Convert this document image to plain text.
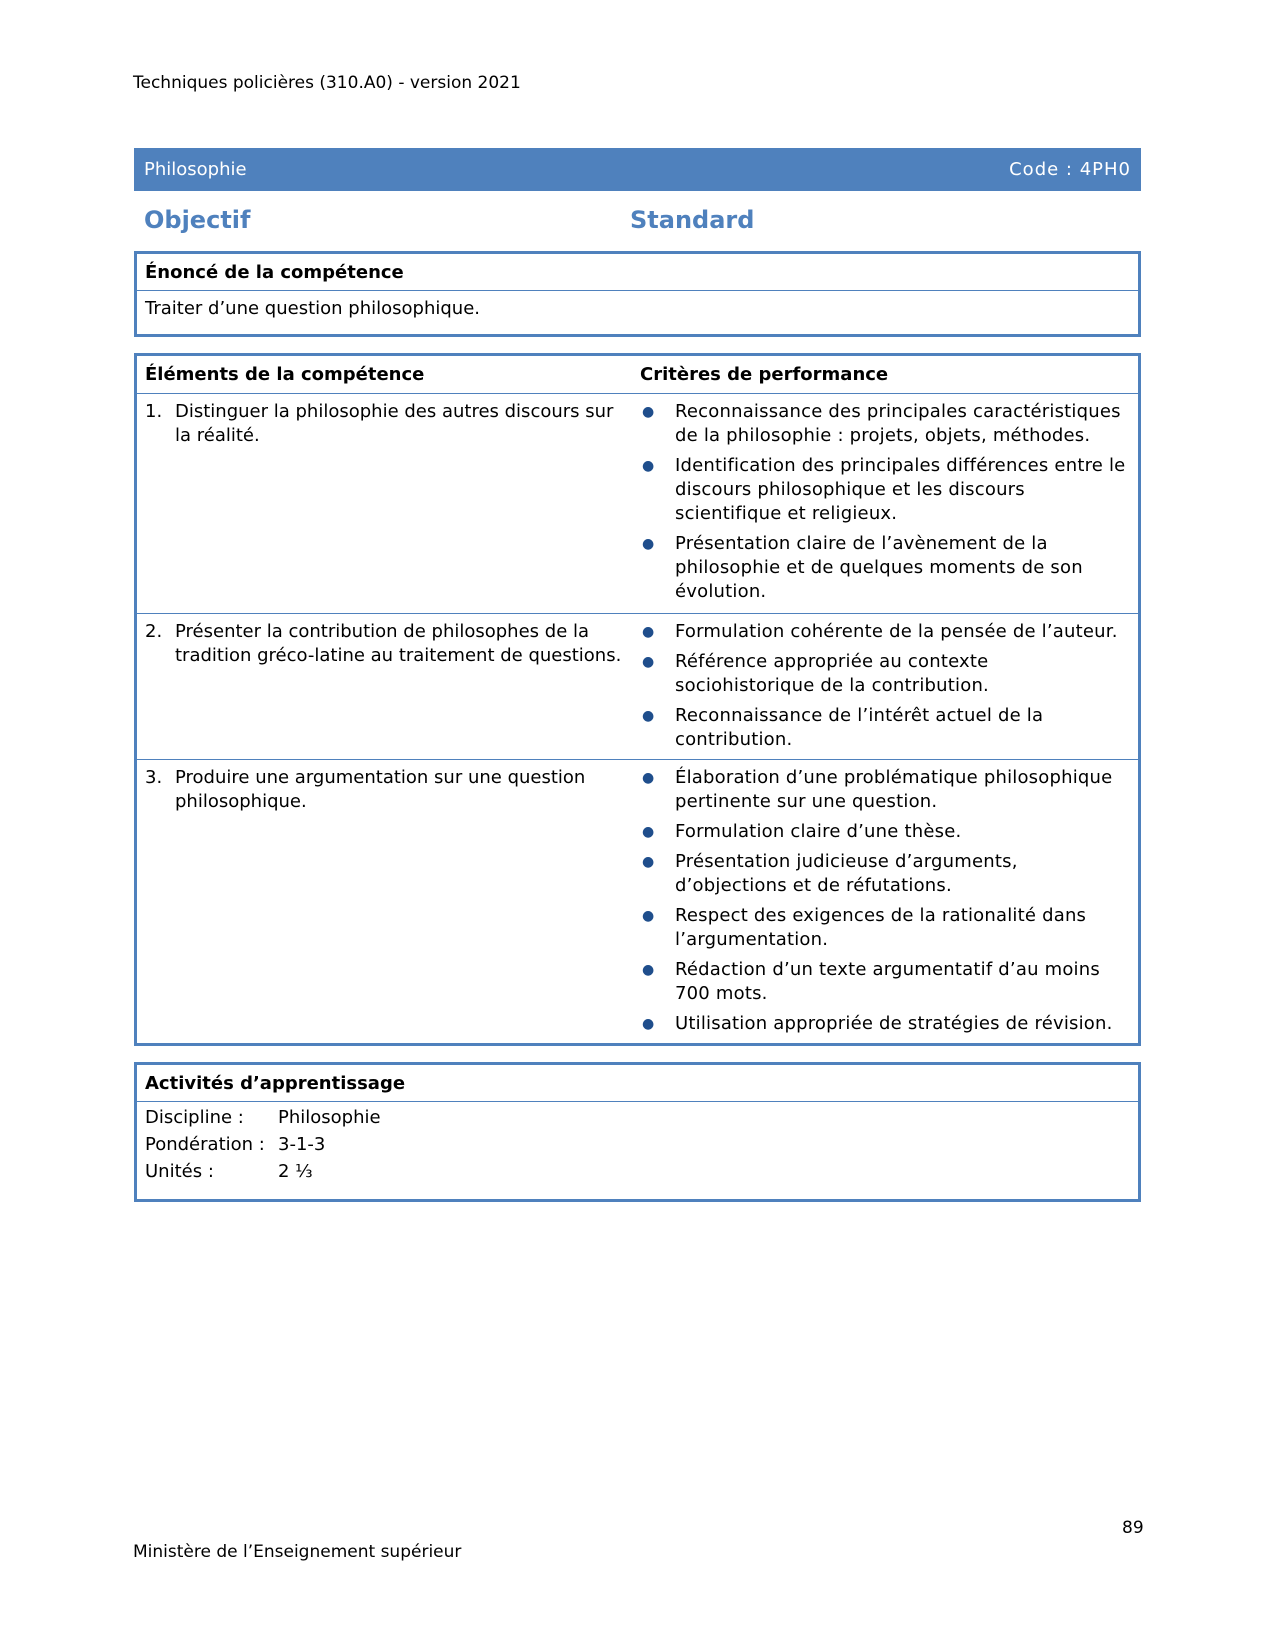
Techniques policières (310.A0) - version 2021
Philosophie	Code : 4PH0
Objectif	Standard
Énoncé de la compétence
Traiter d’une question philosophique.
Éléments de la compétence	Critères de performance
1. Distinguer la philosophie des autres discours sur la réalité.
●	Reconnaissance des principales caractéristiques de la philosophie : projets, objets, méthodes.
●	Identification des principales différences entre le discours philosophique et les discours scientifique et religieux.
●	Présentation claire de l’avènement de la philosophie et de quelques moments de son évolution.
2. Présenter la contribution de philosophes de la tradition gréco-latine au traitement de questions.
●	Formulation cohérente de la pensée de l’auteur.
●	Référence appropriée au contexte sociohistorique de la contribution.
●	Reconnaissance de l’intérêt actuel de la contribution.
3. Produire une argumentation sur une question philosophique.
●	Élaboration d’une problématique philosophique pertinente sur une question.
●	Formulation claire d’une thèse.
●	Présentation judicieuse d’arguments, d’objections et de réfutations.
●	Respect des exigences de la rationalité dans l’argumentation.
●	Rédaction d’un texte argumentatif d’au moins 700 mots.
●	Utilisation appropriée de stratégies de révision.
Activités d’apprentissage
Discipline :	Philosophie
Pondération : 3-1-3
Unités :	2 ⅓
89
Ministère de l’Enseignement supérieur
